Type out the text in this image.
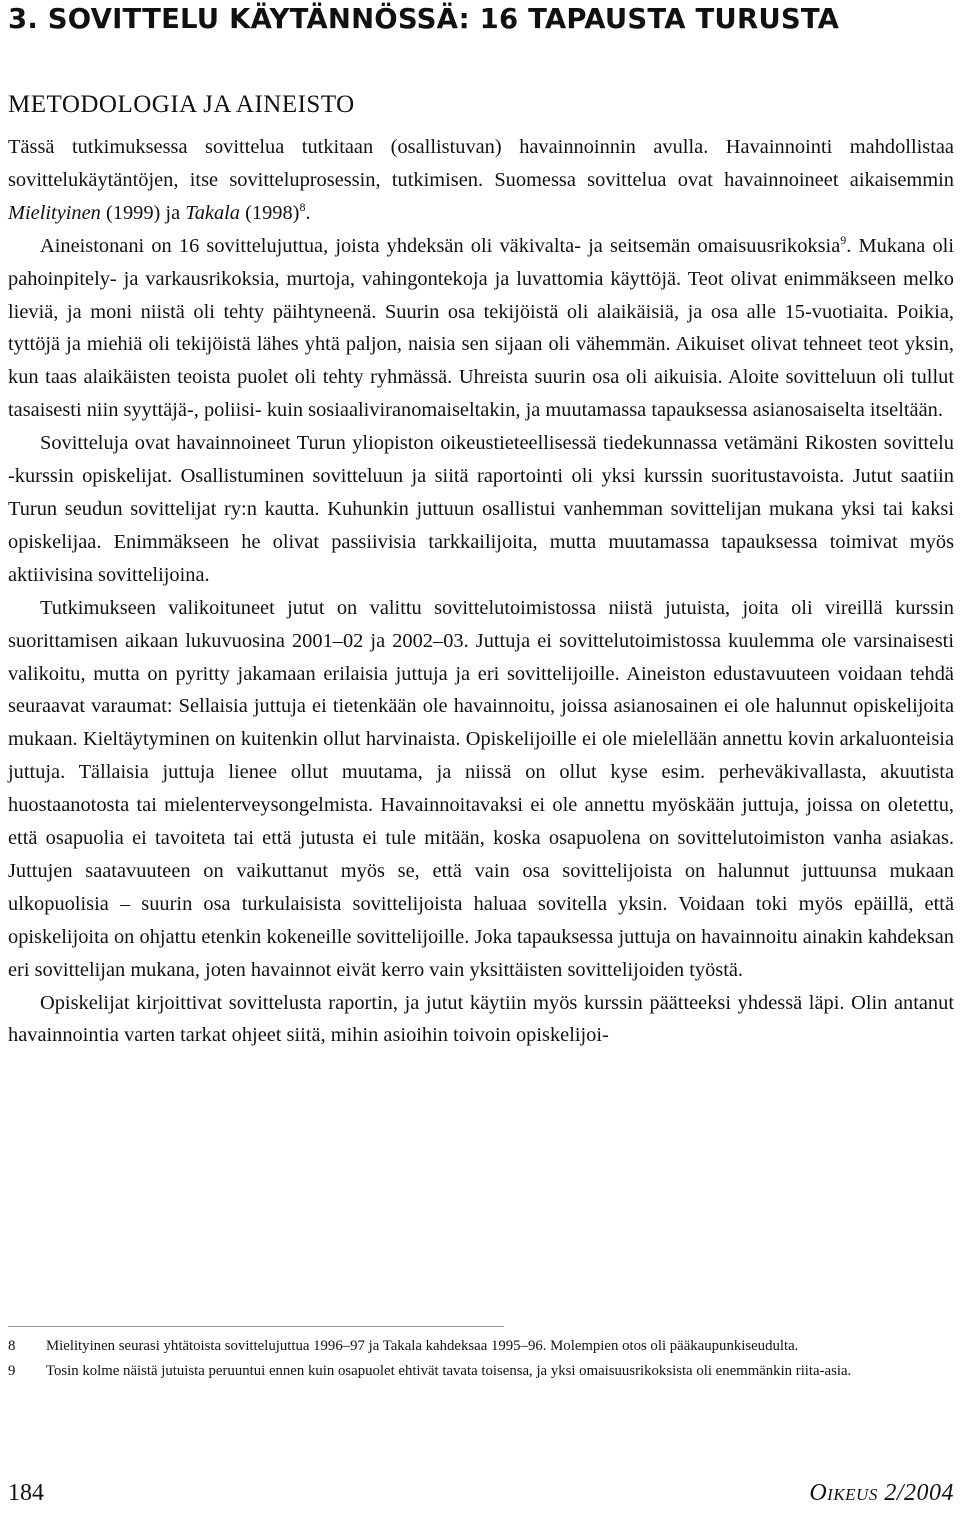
3. SOVITTELU KÄYTÄNNÖSSÄ: 16 TAPAUSTA TURUSTA
METODOLOGIA JA AINEISTO

Tässä tutkimuksessa sovittelua tutkitaan (osallistuvan) havainnoinnin avulla. Havainnointi mahdollistaa sovittelukäytäntöjen, itse sovitteluprosessin, tutkimisen. Suomessa sovittelua ovat havainnoineet aikaisemmin Mielityinen (1999) ja Takala $(1998)^8$.

Aineistonani on 16 sovittelujuttua, joista yhdeksän oli väkivalta- ja seitsemän omaisuusrikoksia$^9$. Mukana oli pahoinpitely- ja varkausrikoksia, murtoja, vahingontekoja ja luvattomia käyttöjä. Teot olivat enimmäkseen melko lieviä, ja moni niistä oli tehty päihtyneenä. Suurin osa tekijöistä oli alaikäisiä, ja osa alle 15-vuotiaita. Poikia, tyttöjä ja miehiä oli tekijöistä lähes yhtä paljon, naisia sen sijaan oli vähemmän. Aikuiset olivat tehneet teot yksin, kun taas alaikäisten teoista puolet oli tehty ryhmässä. Uhreista suurin osa oli aikuisia. Aloite sovitteluun oli tullut tasaisesti niin syyttäjä-, poliisi- kuin sosiaaliviranomaiseltakin, ja muutamassa tapauksessa asianosaiselta itseltään.

Sovitteluja ovat havainnoineet Turun yliopiston oikeustieteellisessä tiedekunnassa vetämäni Rikosten sovittelu -kurssin opiskelijat. Osallistuminen sovitteluun ja siitä raportointi oli yksi kurssin suoritustavoista. Jutut saatiin Turun seudun sovittelijat ry:n kautta. Kuhunkin juttuun osallistui vanhemman sovittelijan mukana yksi tai kaksi opiskelijaa. Enimmäkseen he olivat passiivisia tarkkailijoita, mutta muutamassa tapauksessa toimivat myös aktiivisina sovittelijoina.

Tutkimukseen valikoituneet jutut on valittu sovittelutoimistossa niistä jutuista, joita oli vireillä kurssin suorittamisen aikaan lukuvuosina 2001–02 ja 2002–03. Juttuja ei sovittelutoimistossa kuulemma ole varsinaisesti valikoitu, mutta on pyritty jakamaan erilaisia juttuja ja eri sovittelijoille. Aineiston edustavuuteen voidaan tehdä seuraavat varaumat: Sellaisia juttuja ei tietenkään ole havainnoitu, joissa asianosainen ei ole halunnut opiskelijoita mukaan. Kieltäytyminen on kuitenkin ollut harvinaista. Opiskelijoille ei ole mielellään annettu kovin arkaluonteisia juttuja. Tällaisia juttuja lienee ollut muutama, ja niissä on ollut kyse esim. perheväkivallasta, akuutista huostaanotosta tai mielenterveysongelmista. Havainnoitavaksi ei ole annettu myöskään juttuja, joissa on oletettu, että osapuolia ei tavoiteta tai että jutusta ei tule mitään, koska osapuolena on sovittelutoimiston vanha asiakas. Juttujen saatavuuteen on vaikuttanut myös se, että vain osa sovittelijoista on halunnut juttuunsa mukaan ulkopuolisia – suurin osa turkulaisista sovittelijoista haluaa sovitella yksin. Voidaan toki myös epäillä, että opiskelijoita on ohjattu etenkin kokeneille sovittelijoille. Joka tapauksessa juttuja on havainnoitu ainakin kahdeksan eri sovittelijan mukana, joten havainnot eivät kerro vain yksittäisten sovittelijoiden työstä.

Opiskelijat kirjoittivat sovittelusta raportin, ja jutut käytiin myös kurssin päätteeksi yhdessä läpi. Olin antanut havainnointia varten tarkat ohjeet siitä, mihin asioihin toivoin opiskelijoi-

8 Mielityinen seurasi yhtätoista sovittelujuttua 1996–97 ja Takala kahdeksaa 1995–96. Molempien otos oli pääkaupunkiseudulta.
9 Tosin kolme näistä jutuista peruuntui ennen kuin osapuolet ehtivät tavata toisensa, ja yksi omaisuusrikoksista oli enemmänkin riita-asia.
184	Oikeus 2/2004
